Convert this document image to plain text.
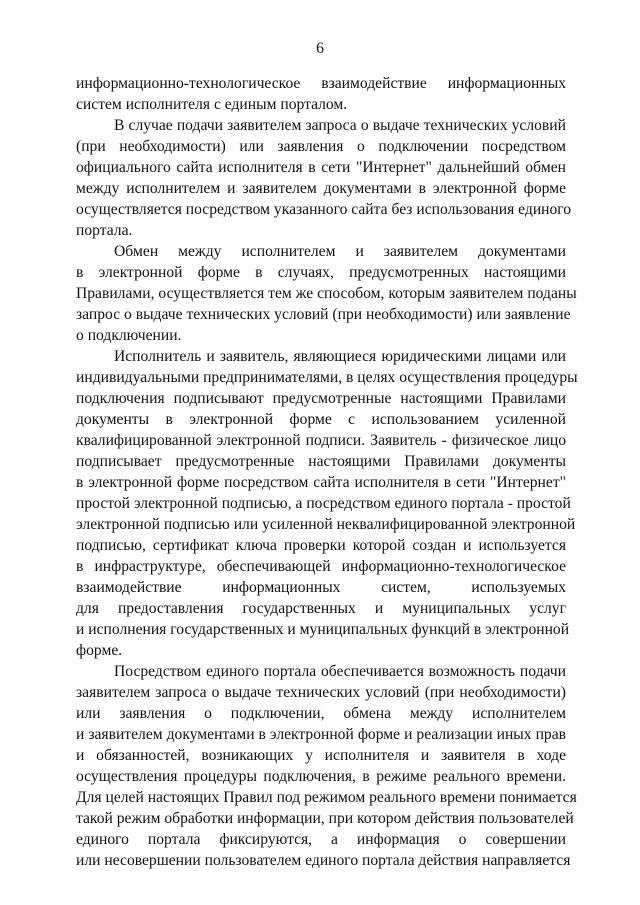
6
информационно-технологическое взаимодействие информационных
систем исполнителя с единым порталом.
В случае подачи заявителем запроса о выдаче технических условий
(при необходимости) или заявления о подключении посредством
официального сайта исполнителя в сети "Интернет" дальнейший обмен
между исполнителем и заявителем документами в электронной форме
осуществляется посредством указанного сайта без использования единого
портала.
Обмен между исполнителем и заявителем документами
в электронной форме в случаях, предусмотренных настоящими
Правилами, осуществляется тем же способом, которым заявителем поданы
запрос о выдаче технических условий (при необходимости) или заявление
о подключении.
Исполнитель и заявитель, являющиеся юридическими лицами или
индивидуальными предпринимателями, в целях осуществления процедуры
подключения подписывают предусмотренные настоящими Правилами
документы в электронной форме с использованием усиленной
квалифицированной электронной подписи. Заявитель - физическое лицо
подписывает предусмотренные настоящими Правилами документы
в электронной форме посредством сайта исполнителя в сети "Интернет"
простой электронной подписью, а посредством единого портала - простой
электронной подписью или усиленной неквалифицированной электронной
подписью, сертификат ключа проверки которой создан и используется
в инфраструктуре, обеспечивающей информационно-технологическое
взаимодействие информационных систем, используемых
для предоставления государственных и муниципальных услуг
и исполнения государственных и муниципальных функций в электронной
форме.
Посредством единого портала обеспечивается возможность подачи
заявителем запроса о выдаче технических условий (при необходимости)
или заявления о подключении, обмена между исполнителем
и заявителем документами в электронной форме и реализации иных прав
и обязанностей, возникающих у исполнителя и заявителя в ходе
осуществления процедуры подключения, в режиме реального времени.
Для целей настоящих Правил под режимом реального времени понимается
такой режим обработки информации, при котором действия пользователей
единого портала фиксируются, а информация о совершении
или несовершении пользователем единого портала действия направляется
